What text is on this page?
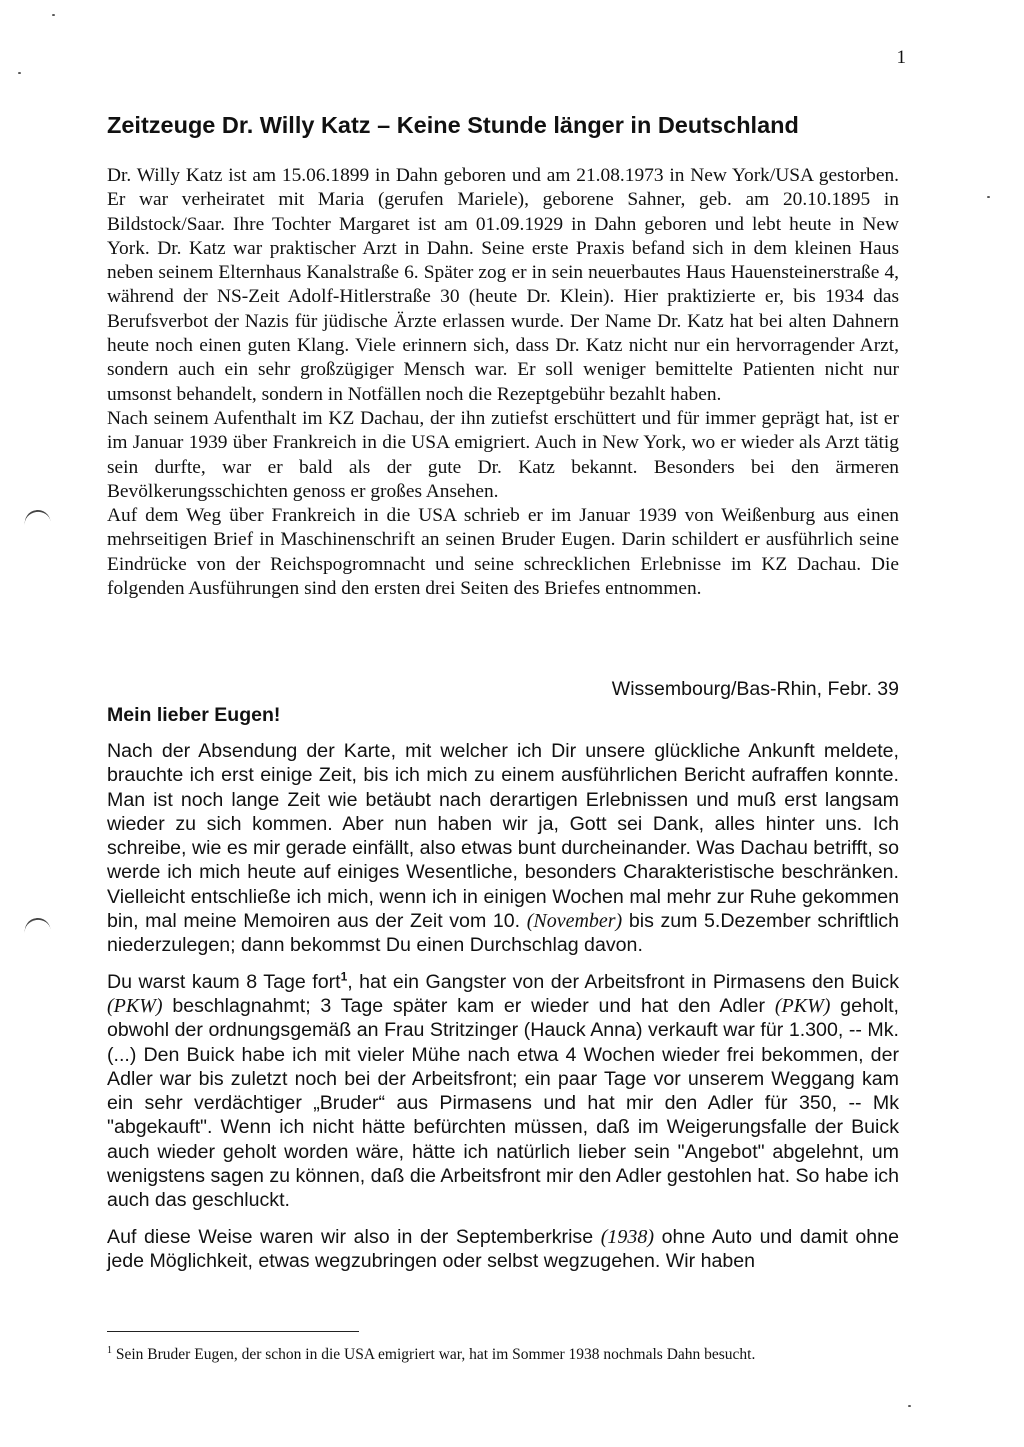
1
Zeitzeuge Dr. Willy Katz – Keine Stunde länger in Deutschland

Dr. Willy Katz ist am 15.06.1899 in Dahn geboren und am 21.08.1973 in New York/USA gestorben. Er war verheiratet mit Maria (gerufen Mariele), geborene Sahner, geb. am 20.10.1895 in Bildstock/Saar. Ihre Tochter Margaret ist am 01.09.1929 in Dahn geboren und lebt heute in New York. Dr. Katz war praktischer Arzt in Dahn. Seine erste Praxis befand sich in dem kleinen Haus neben seinem Elternhaus Kanalstraße 6. Später zog er in sein neuerbautes Haus Hauensteinerstraße 4, während der NS-Zeit Adolf-Hitlerstraße 30 (heute Dr. Klein). Hier praktizierte er, bis 1934 das Berufsverbot der Nazis für jüdische Ärzte erlassen wurde. Der Name Dr. Katz hat bei alten Dahnern heute noch einen guten Klang. Viele erinnern sich, dass Dr. Katz nicht nur ein hervorragender Arzt, sondern auch ein sehr großzügiger Mensch war. Er soll weniger bemittelte Patienten nicht nur umsonst behandelt, sondern in Notfällen noch die Rezeptgebühr bezahlt haben.

Nach seinem Aufenthalt im KZ Dachau, der ihn zutiefst erschüttert und für immer geprägt hat, ist er im Januar 1939 über Frankreich in die USA emigriert. Auch in New York, wo er wieder als Arzt tätig sein durfte, war er bald als der gute Dr. Katz bekannt. Besonders bei den ärmeren Bevölkerungsschichten genoss er großes Ansehen.

Auf dem Weg über Frankreich in die USA schrieb er im Januar 1939 von Weißenburg aus einen mehrseitigen Brief in Maschinenschrift an seinen Bruder Eugen. Darin schildert er ausführlich seine Eindrücke von der Reichspogromnacht und seine schrecklichen Erlebnisse im KZ Dachau. Die folgenden Ausführungen sind den ersten drei Seiten des Briefes entnommen.

Wissembourg/Bas-Rhin, Febr. 39
Mein lieber Eugen!

Nach der Absendung der Karte, mit welcher ich Dir unsere glückliche Ankunft meldete, brauchte ich erst einige Zeit, bis ich mich zu einem ausführlichen Bericht aufraffen konnte. Man ist noch lange Zeit wie betäubt nach derartigen Erlebnissen und muß erst langsam wieder zu sich kommen. Aber nun haben wir ja, Gott sei Dank, alles hinter uns. Ich schreibe, wie es mir gerade einfällt, also etwas bunt durcheinander. Was Dachau betrifft, so werde ich mich heute auf einiges Wesentliche, besonders Charakteristische beschränken. Vielleicht entschließe ich mich, wenn ich in einigen Wochen mal mehr zur Ruhe gekommen bin, mal meine Memoiren aus der Zeit vom 10. (November) bis zum 5.Dezember schriftlich niederzulegen; dann bekommst Du einen Durchschlag davon.

Du warst kaum 8 Tage fort$^1$, hat ein Gangster von der Arbeitsfront in Pirmasens den Buick (PKW) beschlagnahmt; 3 Tage später kam er wieder und hat den Adler (PKW) geholt, obwohl der ordnungsgemäß an Frau Stritzinger (Hauck Anna) verkauft war für 1.300, -- Mk. (...) Den Buick habe ich mit vieler Mühe nach etwa 4 Wochen wieder frei bekommen, der Adler war bis zuletzt noch bei der Arbeitsfront; ein paar Tage vor unserem Weggang kam ein sehr verdächtiger „Bruder“ aus Pirmasens und hat mir den Adler für 350, -- Mk "abgekauft". Wenn ich nicht hätte befürchten müssen, daß im Weigerungsfalle der Buick auch wieder geholt worden wäre, hätte ich natürlich lieber sein "Angebot" abgelehnt, um wenigstens sagen zu können, daß die Arbeitsfront mir den Adler gestohlen hat. So habe ich auch das geschluckt.

Auf diese Weise waren wir also in der Septemberkrise (1938) ohne Auto und damit ohne jede Möglichkeit, etwas wegzubringen oder selbst wegzugehen. Wir haben

$^1$ Sein Bruder Eugen, der schon in die USA emigriert war, hat im Sommer 1938 nochmals Dahn besucht.
